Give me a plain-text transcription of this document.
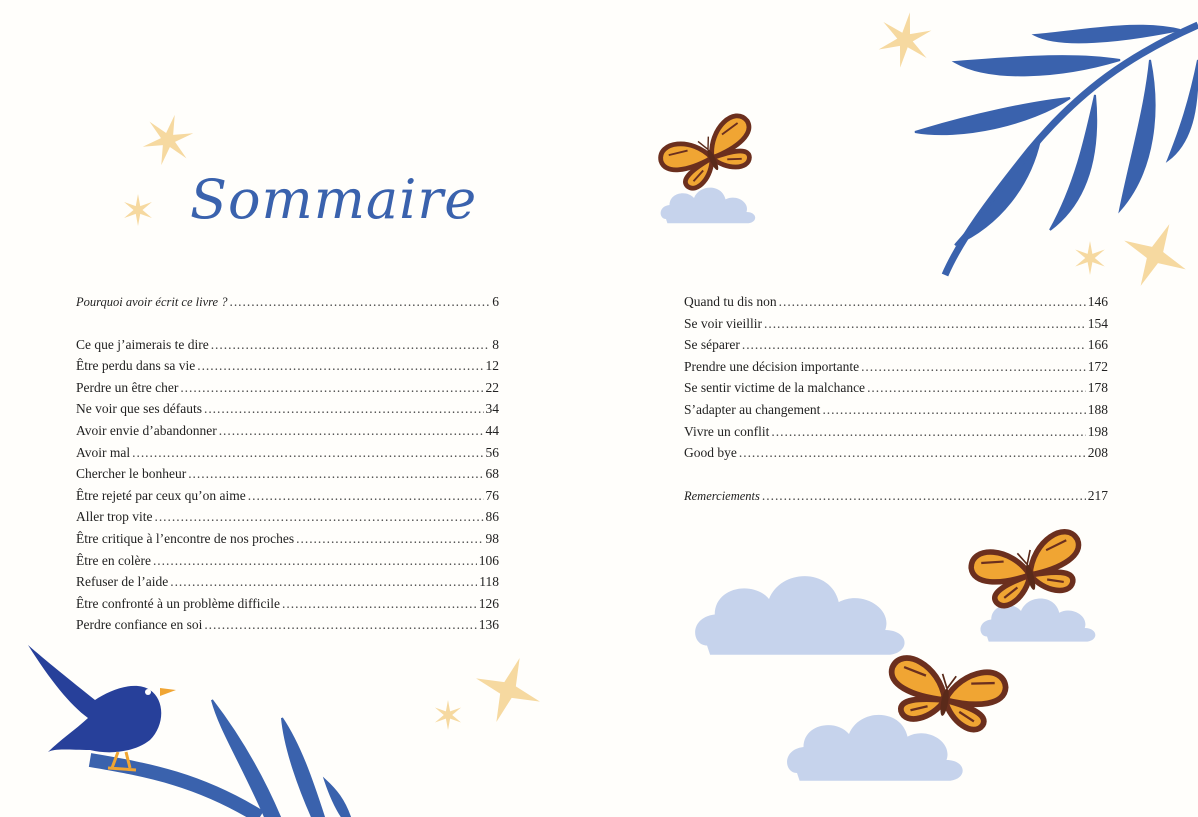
Sommaire
Pourquoi avoir écrit ce livre ? . . .	6
Ce que j’aimerais te dire . . .	8
Être perdu dans sa vie . . .	12
Perdre un être cher . . .	22
Ne voir que ses défauts . . .	34
Avoir envie d’abandonner . . .	44
Avoir mal . . .	56
Chercher le bonheur . . .	68
Être rejeté par ceux qu’on aime . . .	76
Aller trop vite . . .	86
Être critique à l’encontre de nos proches . . .	98
Être en colère . . .	106
Refuser de l’aide . . .	118
Être confronté à un problème difficile . . .	126
Perdre confiance en soi . . .	136
Quand tu dis non . . .	146
Se voir vieillir . . .	154
Se séparer . . .	166
Prendre une décision importante . . .	172
Se sentir victime de la malchance . . .	178
S’adapter au changement . . .	188
Vivre un conflit . . .	198
Good bye . . .	208
Remerciements . . .	217
